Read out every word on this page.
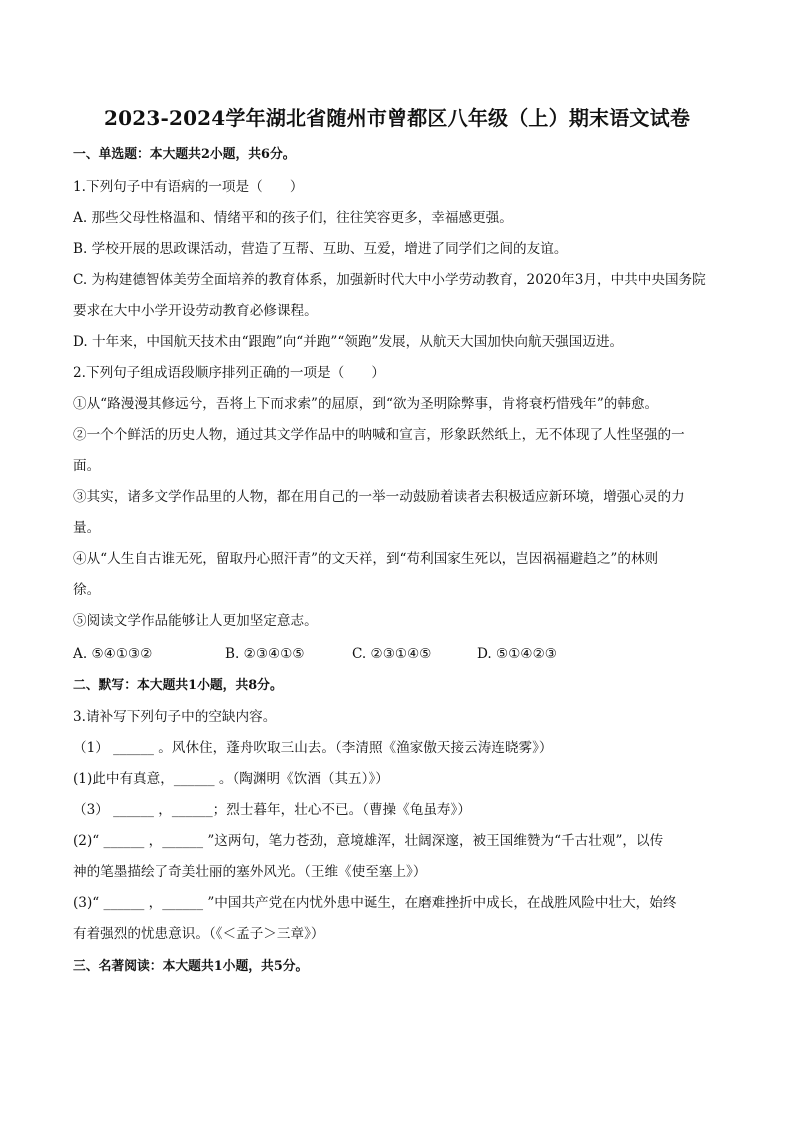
2023-2024学年湖北省随州市曾都区八年级（上）期末语文试卷
一、单选题：本大题共2小题，共6分。
1.下列句子中有语病的一项是（　　）
A. 那些父母性格温和、情绪平和的孩子们，往往笑容更多，幸福感更强。
B. 学校开展的思政课活动，营造了互帮、互助、互爱，增进了同学们之间的友谊。
C. 为构建德智体美劳全面培养的教育体系，加强新时代大中小学劳动教育，2020年3月，中共中央国务院
要求在大中小学开设劳动教育必修课程。
D. 十年来，中国航天技术由“跟跑”向“并跑”“领跑”发展，从航天大国加快向航天强国迈进。
2.下列句子组成语段顺序排列正确的一项是（　　）
①从“路漫漫其修远兮，吾将上下而求索”的屈原，到“欲为圣明除弊事，肯将衰朽惜残年”的韩愈。
②一个个鲜活的历史人物，通过其文学作品中的呐喊和宣言，形象跃然纸上，无不体现了人性坚强的一
面。
③其实，诸多文学作品里的人物，都在用自己的一举一动鼓励着读者去积极适应新环境，增强心灵的力
量。
④从“人生自古谁无死，留取丹心照汗青”的文天祥，到“苟利国家生死以，岂因祸福避趋之”的林则
徐。
⑤阅读文学作品能够让人更加坚定意志。
A. ⑤④①③②	B. ②③④①⑤	C. ②③①④⑤	D. ⑤①④②③
二、默写：本大题共1小题，共8分。
3.请补写下列句子中的空缺内容。
（1） ______ 。风休住，蓬舟吹取三山去。（李清照《渔家傲天接云涛连晓雾》）
(1)此中有真意，______ 。（陶渊明《饮酒（其五）》）
（3） ______ ，______；烈士暮年，壮心不已。（曹操《龟虽寿》）
(2)“ ______ ，______ ”这两句，笔力苍劲，意境雄浑，壮阔深邃，被王国维赞为“千古壮观”，以传
神的笔墨描绘了奇美壮丽的塞外风光。（王维《使至塞上》）
(3)“ ______ ，______ ”中国共产党在内忧外患中诞生，在磨难挫折中成长，在战胜风险中壮大，始终
有着强烈的忧患意识。（《＜孟子＞三章》）
三、名著阅读：本大题共1小题，共5分。
